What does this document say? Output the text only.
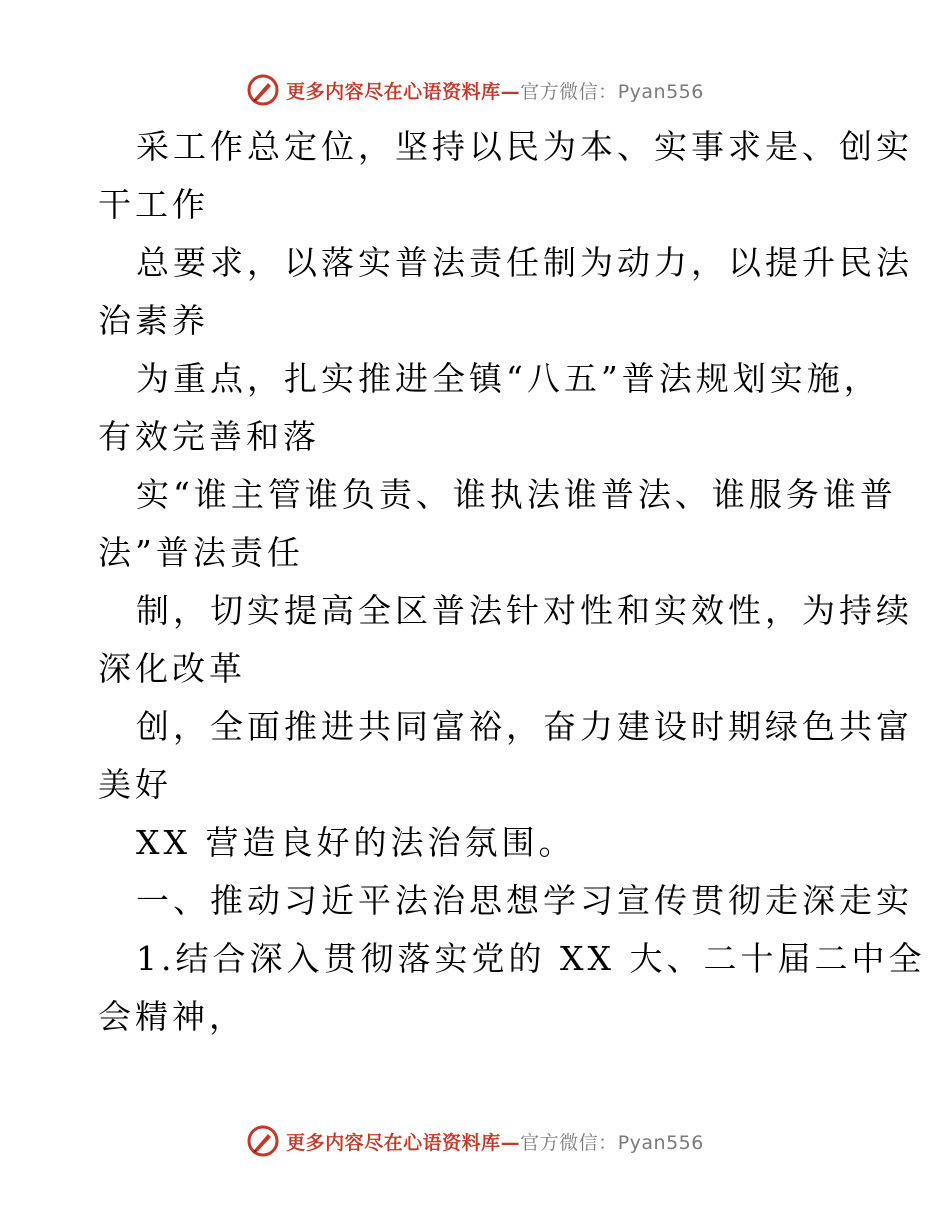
更多内容尽在心语资料库—官方微信：Pyan556
采工作总定位，坚持以民为本、实事求是、创实
干工作
总要求，以落实普法责任制为动力，以提升民法
治素养
为重点，扎实推进全镇“八五”普法规划实施，
有效完善和落
实“谁主管谁负责、谁执法谁普法、谁服务谁普
法”普法责任
制，切实提高全区普法针对性和实效性，为持续
深化改革
创，全面推进共同富裕，奋力建设时期绿色共富
美好
XX 营造良好的法治氛围。
一、推动习近平法治思想学习宣传贯彻走深走实
1.结合深入贯彻落实党的 XX 大、二十届二中全
会精神，
更多内容尽在心语资料库—官方微信：Pyan556
